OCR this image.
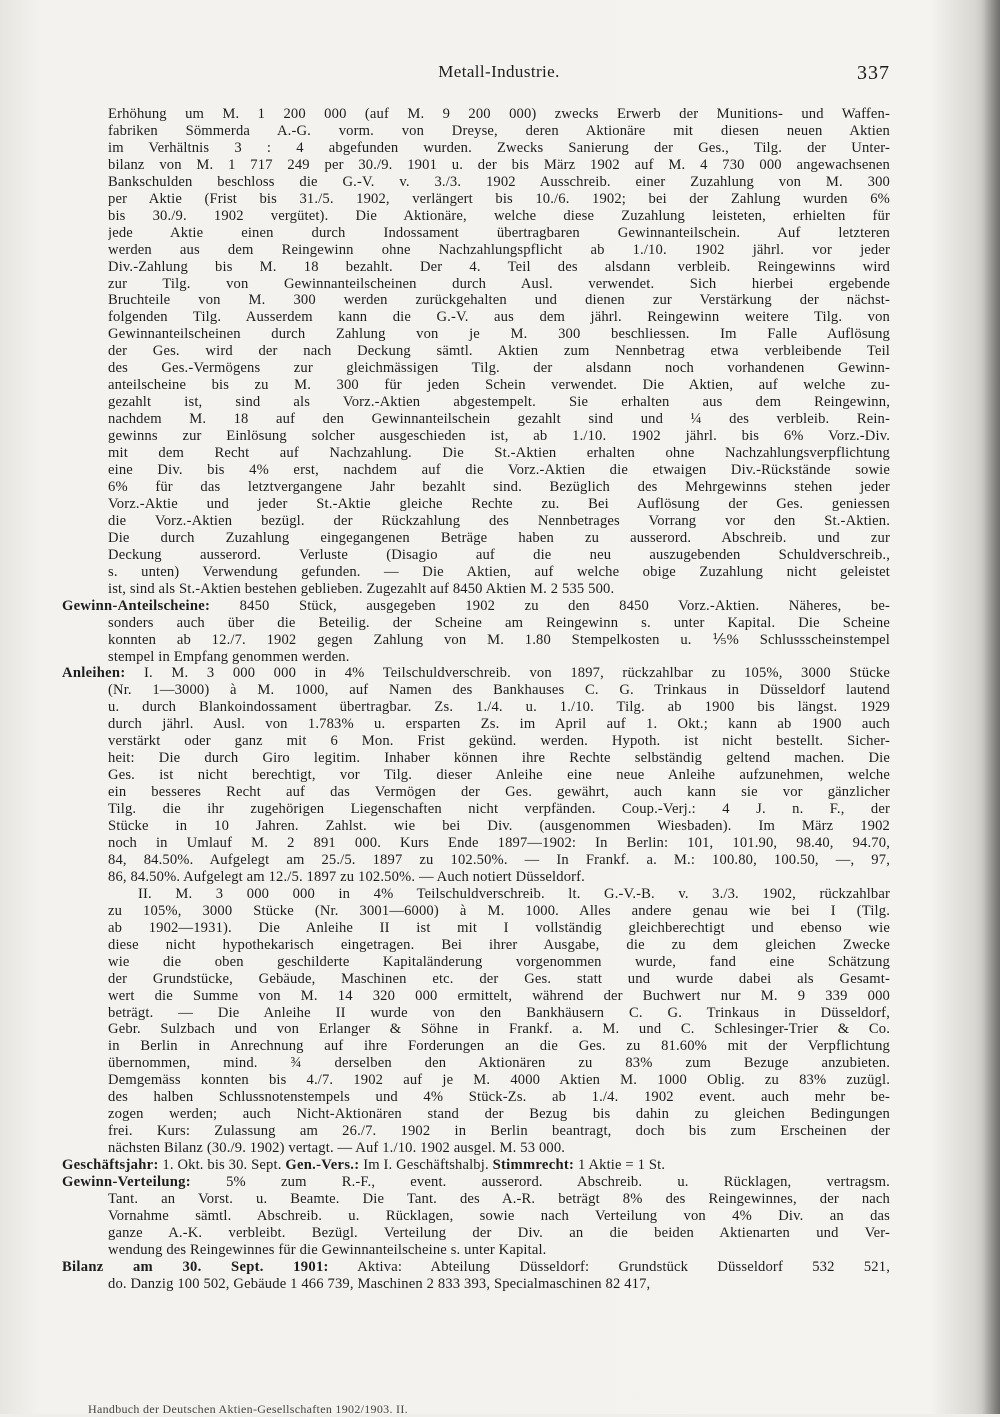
Metall-Industrie.	337
Erhöhung um M. 1 200 000 (auf M. 9 200 000) zwecks Erwerb der Munitions- und Waffen-
fabriken Sömmerda A.-G. vorm. von Dreyse, deren Aktionäre mit diesen neuen Aktien
im Verhältnis 3 : 4 abgefunden wurden. Zwecks Sanierung der Ges., Tilg. der Unter-
bilanz von M. 1 717 249 per 30./9. 1901 u. der bis März 1902 auf M. 4 730 000 angewachsenen
Bankschulden beschloss die G.-V. v. 3./3. 1902 Ausschreib. einer Zuzahlung von M. 300
per Aktie (Frist bis 31./5. 1902, verlängert bis 10./6. 1902; bei der Zahlung wurden 6%
bis 30./9. 1902 vergütet). Die Aktionäre, welche diese Zuzahlung leisteten, erhielten für
jede Aktie einen durch Indossament übertragbaren Gewinnanteilschein. Auf letzteren
werden aus dem Reingewinn ohne Nachzahlungspflicht ab 1./10. 1902 jährl. vor jeder
Div.-Zahlung bis M. 18 bezahlt. Der 4. Teil des alsdann verbleib. Reingewinns wird
zur Tilg. von Gewinnanteilscheinen durch Ausl. verwendet. Sich hierbei ergebende
Bruchteile von M. 300 werden zurückgehalten und dienen zur Verstärkung der nächst-
folgenden Tilg. Ausserdem kann die G.-V. aus dem jährl. Reingewinn weitere Tilg. von
Gewinnanteilscheinen durch Zahlung von je M. 300 beschliessen. Im Falle Auflösung
der Ges. wird der nach Deckung sämtl. Aktien zum Nennbetrag etwa verbleibende Teil
des Ges.-Vermögens zur gleichmässigen Tilg. der alsdann noch vorhandenen Gewinn-
anteilscheine bis zu M. 300 für jeden Schein verwendet. Die Aktien, auf welche zu-
gezahlt ist, sind als Vorz.-Aktien abgestempelt. Sie erhalten aus dem Reingewinn,
nachdem M. 18 auf den Gewinnanteilschein gezahlt sind und ¼ des verbleib. Rein-
gewinns zur Einlösung solcher ausgeschieden ist, ab 1./10. 1902 jährl. bis 6% Vorz.-Div.
mit dem Recht auf Nachzahlung. Die St.-Aktien erhalten ohne Nachzahlungsverpflichtung
eine Div. bis 4% erst, nachdem auf die Vorz.-Aktien die etwaigen Div.-Rückstände sowie
6% für das letztvergangene Jahr bezahlt sind. Bezüglich des Mehrgewinns stehen jeder
Vorz.-Aktie und jeder St.-Aktie gleiche Rechte zu. Bei Auflösung der Ges. geniessen
die Vorz.-Aktien bezügl. der Rückzahlung des Nennbetrages Vorrang vor den St.-Aktien.
Die durch Zuzahlung eingegangenen Beträge haben zu ausserord. Abschreib. und zur
Deckung ausserord. Verluste (Disagio auf die neu auszugebenden Schuldverschreib.,
s. unten) Verwendung gefunden. — Die Aktien, auf welche obige Zuzahlung nicht geleistet
ist, sind als St.-Aktien bestehen geblieben. Zugezahlt auf 8450 Aktien M. 2 535 500.
Gewinn-Anteilscheine: 8450 Stück, ausgegeben 1902 zu den 8450 Vorz.-Aktien. Näheres, be-
sonders auch über die Beteilig. der Scheine am Reingewinn s. unter Kapital. Die Scheine
konnten ab 12./7. 1902 gegen Zahlung von M. 1.80 Stempelkosten u. ⅕% Schlussscheinstempel
stempel in Empfang genommen werden.
Anleihen: I. M. 3 000 000 in 4% Teilschuldverschreib. von 1897, rückzahlbar zu 105%, 3000 Stücke
(Nr. 1—3000) à M. 1000, auf Namen des Bankhauses C. G. Trinkaus in Düsseldorf lautend
u. durch Blankoindossament übertragbar. Zs. 1./4. u. 1./10. Tilg. ab 1900 bis längst. 1929
durch jährl. Ausl. von 1.783% u. ersparten Zs. im April auf 1. Okt.; kann ab 1900 auch
verstärkt oder ganz mit 6 Mon. Frist gekünd. werden. Hypoth. ist nicht bestellt. Sicher-
heit: Die durch Giro legitim. Inhaber können ihre Rechte selbständig geltend machen. Die
Ges. ist nicht berechtigt, vor Tilg. dieser Anleihe eine neue Anleihe aufzunehmen, welche
ein besseres Recht auf das Vermögen der Ges. gewährt, auch kann sie vor gänzlicher
Tilg. die ihr zugehörigen Liegenschaften nicht verpfänden. Coup.-Verj.: 4 J. n. F., der
Stücke in 10 Jahren. Zahlst. wie bei Div. (ausgenommen Wiesbaden). Im März 1902
noch in Umlauf M. 2 891 000. Kurs Ende 1897—1902: In Berlin: 101, 101.90, 98.40, 94.70,
84, 84.50%. Aufgelegt am 25./5. 1897 zu 102.50%. — In Frankf. a. M.: 100.80, 100.50, —, 97,
86, 84.50%. Aufgelegt am 12./5. 1897 zu 102.50%. — Auch notiert Düsseldorf.
II. M. 3 000 000 in 4% Teilschuldverschreib. lt. G.-V.-B. v. 3./3. 1902, rückzahlbar
zu 105%, 3000 Stücke (Nr. 3001—6000) à M. 1000. Alles andere genau wie bei I (Tilg.
ab 1902—1931). Die Anleihe II ist mit I vollständig gleichberechtigt und ebenso wie
diese nicht hypothekarisch eingetragen. Bei ihrer Ausgabe, die zu dem gleichen Zwecke
wie die oben geschilderte Kapitaländerung vorgenommen wurde, fand eine Schätzung
der Grundstücke, Gebäude, Maschinen etc. der Ges. statt und wurde dabei als Gesamt-
wert die Summe von M. 14 320 000 ermittelt, während der Buchwert nur M. 9 339 000
beträgt. — Die Anleihe II wurde von den Bankhäusern C. G. Trinkaus in Düsseldorf,
Gebr. Sulzbach und von Erlanger & Söhne in Frankf. a. M. und C. Schlesinger-Trier & Co.
in Berlin in Anrechnung auf ihre Forderungen an die Ges. zu 81.60% mit der Verpflichtung
übernommen, mind. ¾ derselben den Aktionären zu 83% zum Bezuge anzubieten.
Demgemäss konnten bis 4./7. 1902 auf je M. 4000 Aktien M. 1000 Oblig. zu 83% zuzügl.
des halben Schlussnotenstempels und 4% Stück-Zs. ab 1./4. 1902 event. auch mehr be-
zogen werden; auch Nicht-Aktionären stand der Bezug bis dahin zu gleichen Bedingungen
frei. Kurs: Zulassung am 26./7. 1902 in Berlin beantragt, doch bis zum Erscheinen der
nächsten Bilanz (30./9. 1902) vertagt. — Auf 1./10. 1902 ausgel. M. 53 000.
Geschäftsjahr: 1. Okt. bis 30. Sept. Gen.-Vers.: Im I. Geschäftshalbj. Stimmrecht: 1 Aktie = 1 St.
Gewinn-Verteilung: 5% zum R.-F., event. ausserord. Abschreib. u. Rücklagen, vertragsm.
Tant. an Vorst. u. Beamte. Die Tant. des A.-R. beträgt 8% des Reingewinnes, der nach
Vornahme sämtl. Abschreib. u. Rücklagen, sowie nach Verteilung von 4% Div. an das
ganze A.-K. verbleibt. Bezügl. Verteilung der Div. an die beiden Aktienarten und Ver-
wendung des Reingewinnes für die Gewinnanteilscheine s. unter Kapital.
Bilanz am 30. Sept. 1901: Aktiva: Abteilung Düsseldorf: Grundstück Düsseldorf 532 521,
do. Danzig 100 502, Gebäude 1 466 739, Maschinen 2 833 393, Specialmaschinen 82 417,
Handbuch der Deutschen Aktien-Gesellschaften 1902/1903. II.
